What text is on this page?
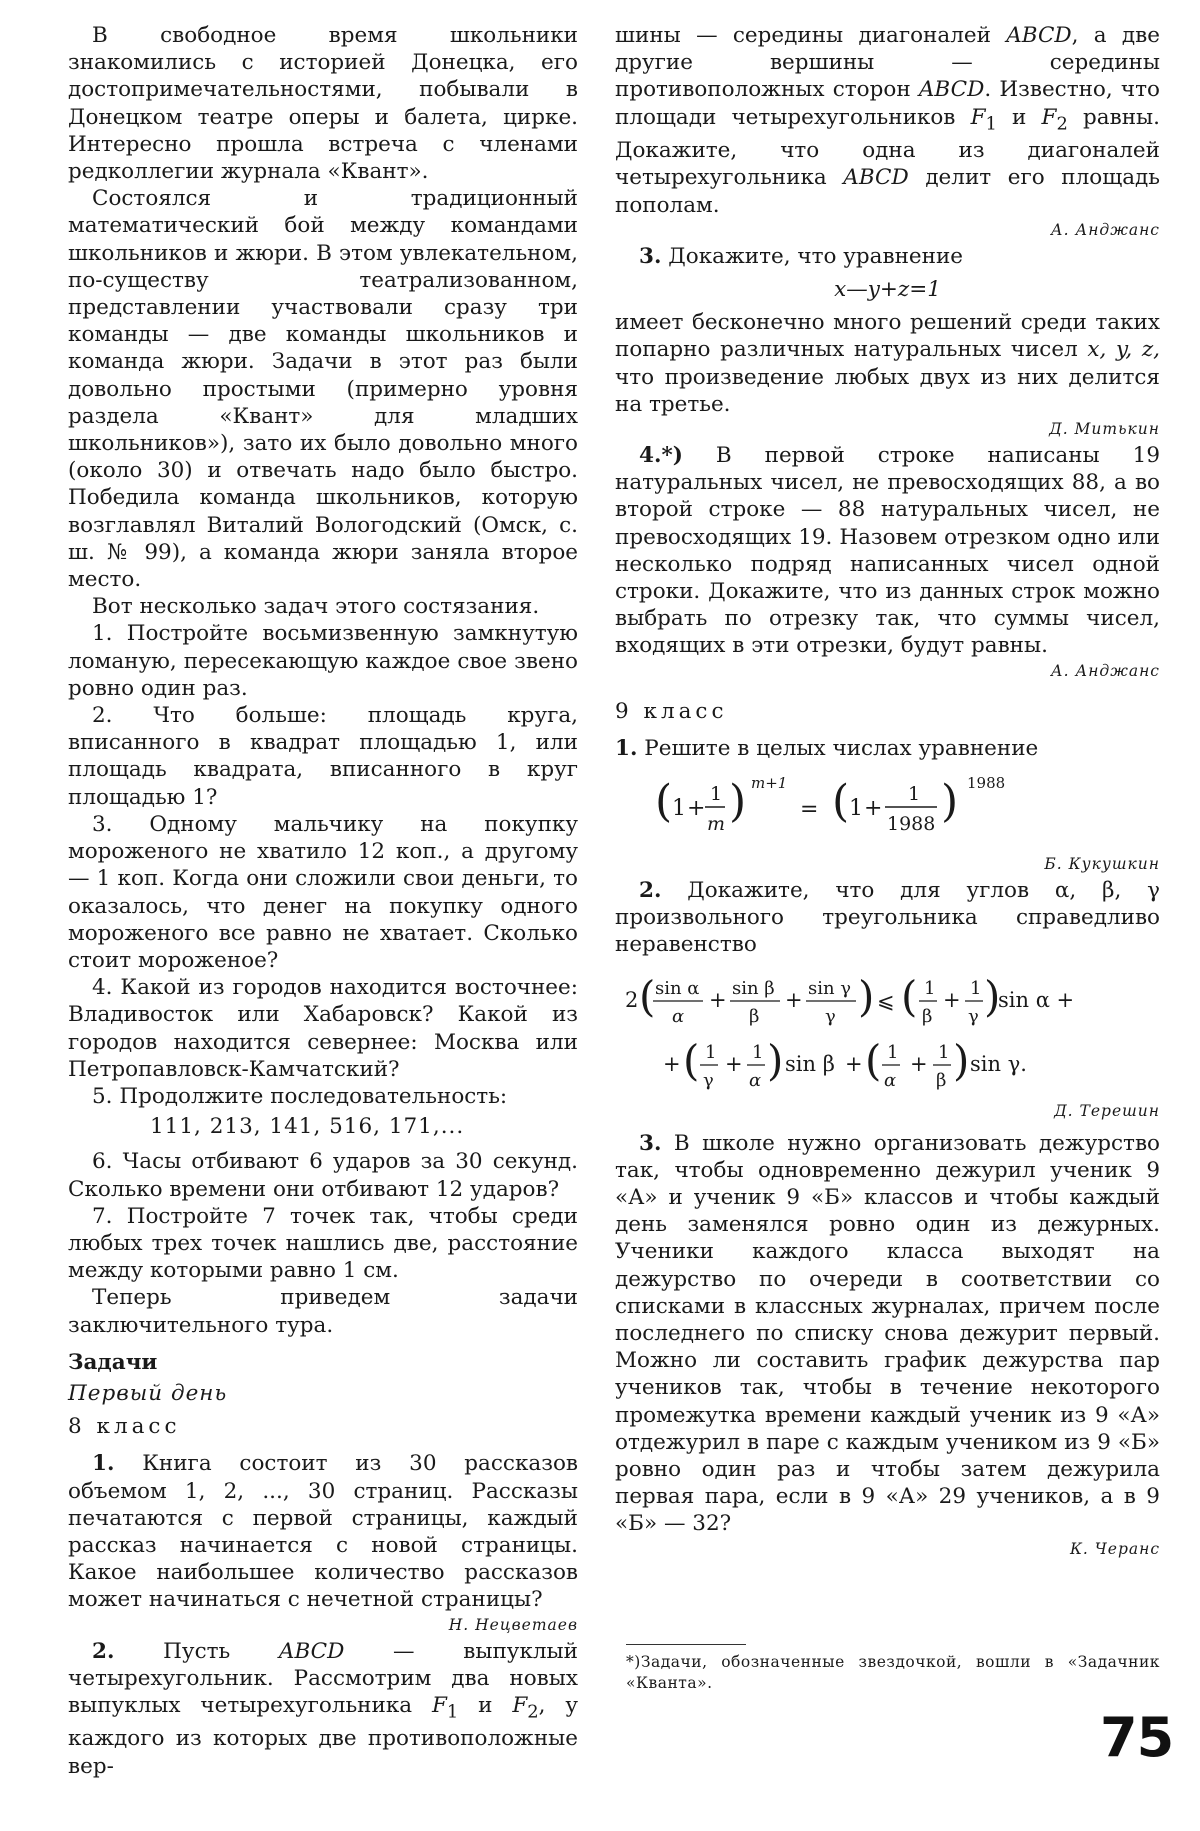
В свободное время школьники знакомились с историей Донецка, его достопримечательностями, побывали в Донецком театре оперы и балета, цирке. Интересно прошла встреча с членами редколлегии журнала «Квант».

Состоялся и традиционный математический бой между командами школьников и жюри. В этом увлекательном, по-существу театрализованном, представлении участвовали сразу три команды — две команды школьников и команда жюри. Задачи в этот раз были довольно простыми (примерно уровня раздела «Квант» для младших школьников»), зато их было довольно много (около 30) и отвечать надо было быстро. Победила команда школьников, которую возглавлял Виталий Вологодский (Омск, с. ш. № 99), а команда жюри заняла второе место.

Вот несколько задач этого состязания.

1. Постройте восьмизвенную замкнутую ломаную, пересекающую каждое свое звено ровно один раз.

2. Что больше: площадь круга, вписанного в квадрат площадью 1, или площадь квадрата, вписанного в круг площадью 1?

3. Одному мальчику на покупку мороженого не хватило 12 коп., а другому — 1 коп. Когда они сложили свои деньги, то оказалось, что денег на покупку одного мороженого все равно не хватает. Сколько стоит мороженое?

4. Какой из городов находится восточнее: Владивосток или Хабаровск? Какой из городов находится севернее: Москва или Петропавловск-Камчатский?

5. Продолжите последовательность:

111, 213, 141, 516, 171,...

6. Часы отбивают 6 ударов за 30 секунд. Сколько времени они отбивают 12 ударов?

7. Постройте 7 точек так, чтобы среди любых трех точек нашлись две, расстояние между которыми равно 1 см.

Теперь приведем задачи заключительного тура.

Задачи
Первый день
8 класс

1. Книга состоит из 30 рассказов объемом 1, 2, ..., 30 страниц. Рассказы печатаются с первой страницы, каждый рассказ начинается с новой страницы. Какое наибольшее количество рассказов может начинаться с нечетной страницы?

Н. Нецветаев

2. Пусть ABCD — выпуклый четырехугольник. Рассмотрим два новых выпуклых четырехугольника $F_1$ и $F_2$, у каждого из которых две противоположные вер-

шины — середины диагоналей ABCD, а две другие вершины — середины противоположных сторон ABCD. Известно, что площади четырехугольников $F_1$ и $F_2$ равны. Докажите, что одна из диагоналей четырехугольника ABCD делит его площадь пополам.

А. Анджанс

3. Докажите, что уравнение

x—y+z=1

имеет бесконечно много решений среди таких попарно различных натуральных чисел x, y, z, что произведение любых двух из них делится на третье.

Д. Митькин

4.*) В первой строке написаны 19 натуральных чисел, не превосходящих 88, а во второй строке — 88 натуральных чисел, не превосходящих 19. Назовем отрезком одно или несколько подряд написанных чисел одной строки. Докажите, что из данных строк можно выбрать по отрезку так, что суммы чисел, входящих в эти отрезки, будут равны.

А. Анджанс
9 класс

1. Решите в целых числах уравнение

( 1 +
1
m ) m+1
= ( 1 +
1
1988 ) 1988
Б. Кукушкин

2. Докажите, что для углов α, β, γ произвольного треугольника справедливо неравенство

2 ( sin α
α
+ sin β
β
+ sin γ
γ ) ⩽ ( 1
β
+ 1
γ )
sin α +
+ ( 1
γ
+ 1
α ) sin β + ( 1
α
+ 1
β ) sin γ.
Д. Терешин

3. В школе нужно организовать дежурство так, чтобы одновременно дежурил ученик 9 «А» и ученик 9 «Б» классов и чтобы каждый день заменялся ровно один из дежурных. Ученики каждого класса выходят на дежурство по очереди в соответствии со списками в классных журналах, причем после последнего по списку снова дежурит первый. Можно ли составить график дежурства пар учеников так, чтобы в течение некоторого промежутка времени каждый ученик из 9 «А» отдежурил в паре с каждым учеником из 9 «Б» ровно один раз и чтобы затем дежурила первая пара, если в 9 «А» 29 учеников, а в 9 «Б» — 32?

К. Черанс
*)Задачи, обозначенные звездочкой, вошли в «Задачник «Кванта».
75
